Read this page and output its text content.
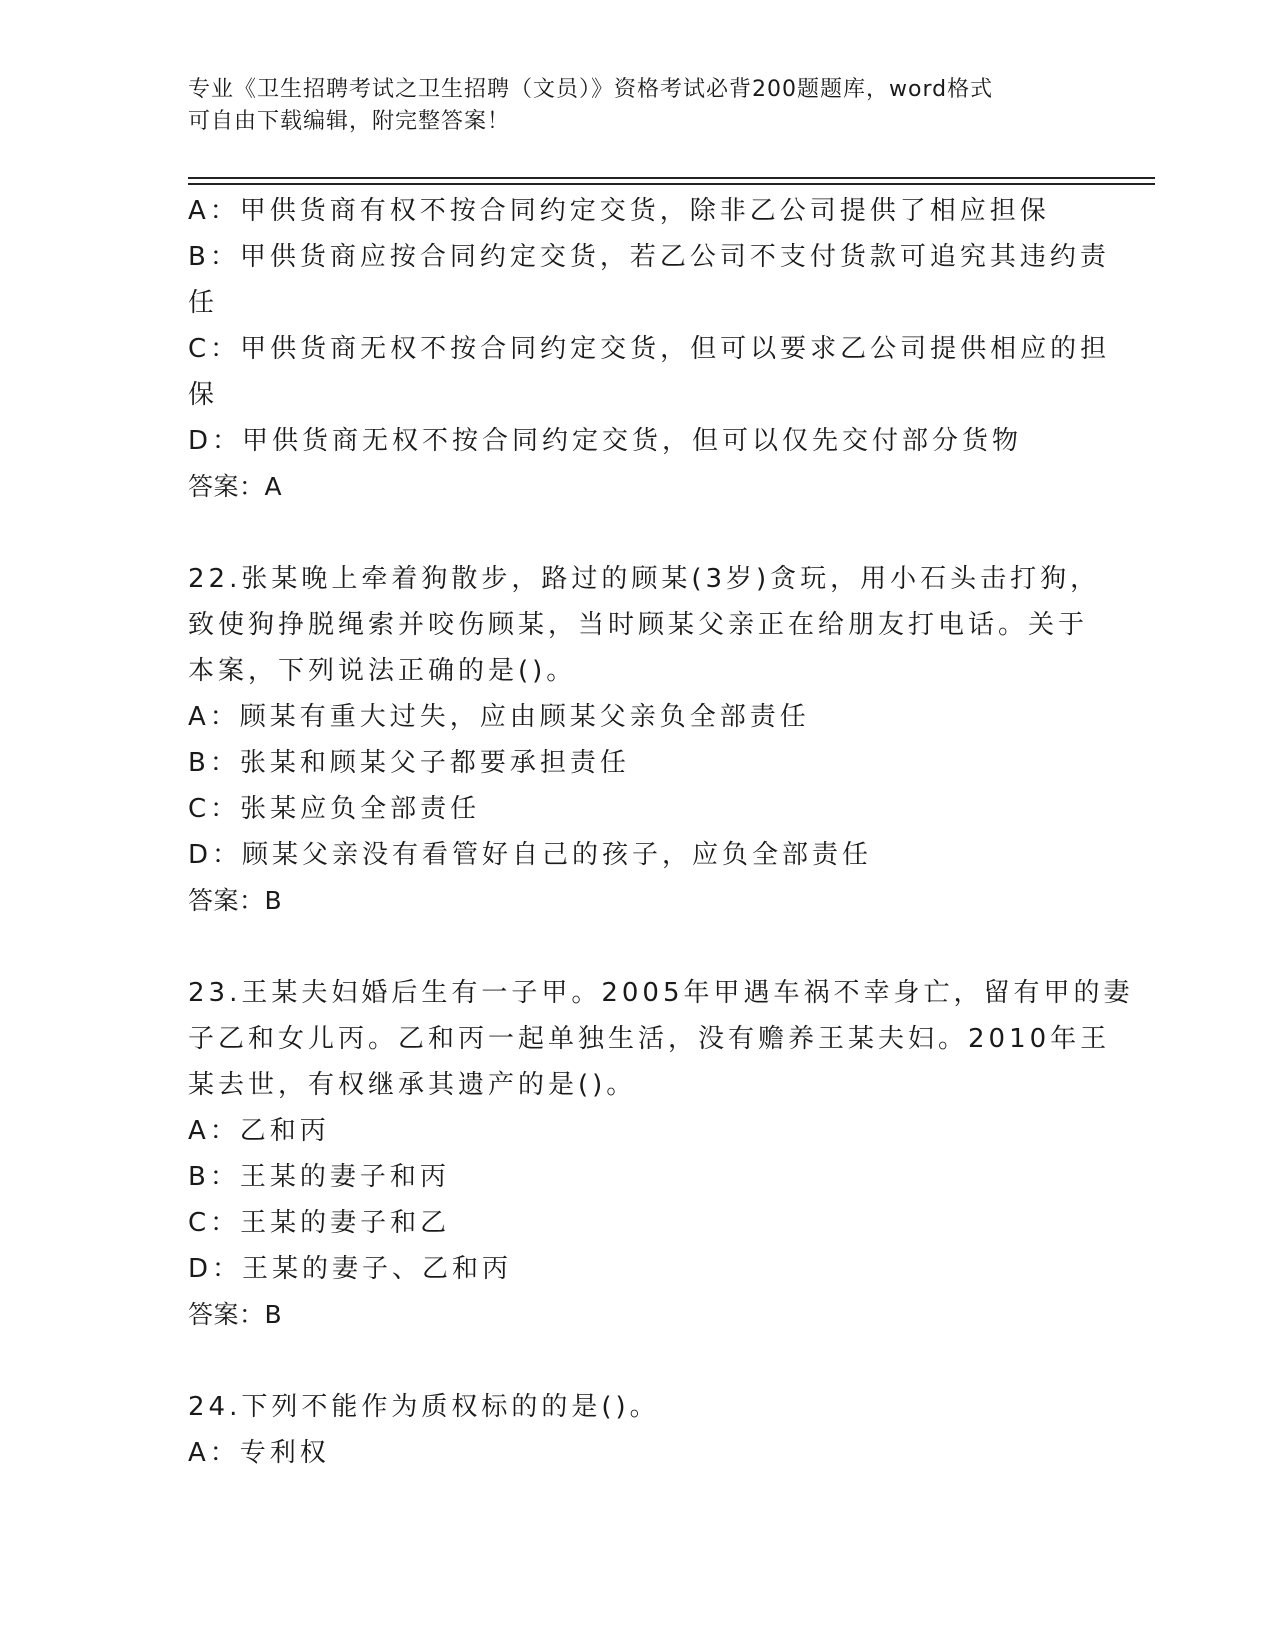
专业《卫生招聘考试之卫生招聘（文员）》资格考试必背200题题库，word格式
可自由下载编辑，附完整答案！
A：甲供货商有权不按合同约定交货，除非乙公司提供了相应担保
B：甲供货商应按合同约定交货，若乙公司不支付货款可追究其违约责
任
C：甲供货商无权不按合同约定交货，但可以要求乙公司提供相应的担
保
D：甲供货商无权不按合同约定交货，但可以仅先交付部分货物
答案：A
22.张某晚上牵着狗散步，路过的顾某(3岁)贪玩，用小石头击打狗，
致使狗挣脱绳索并咬伤顾某，当时顾某父亲正在给朋友打电话。关于
本案，下列说法正确的是()。
A：顾某有重大过失，应由顾某父亲负全部责任
B：张某和顾某父子都要承担责任
C：张某应负全部责任
D：顾某父亲没有看管好自己的孩子，应负全部责任
答案：B
23.王某夫妇婚后生有一子甲。2005年甲遇车祸不幸身亡，留有甲的妻
子乙和女儿丙。乙和丙一起单独生活，没有赡养王某夫妇。2010年王
某去世，有权继承其遗产的是()。
A：乙和丙
B：王某的妻子和丙
C：王某的妻子和乙
D：王某的妻子、乙和丙
答案：B
24.下列不能作为质权标的的是()。
A：专利权
